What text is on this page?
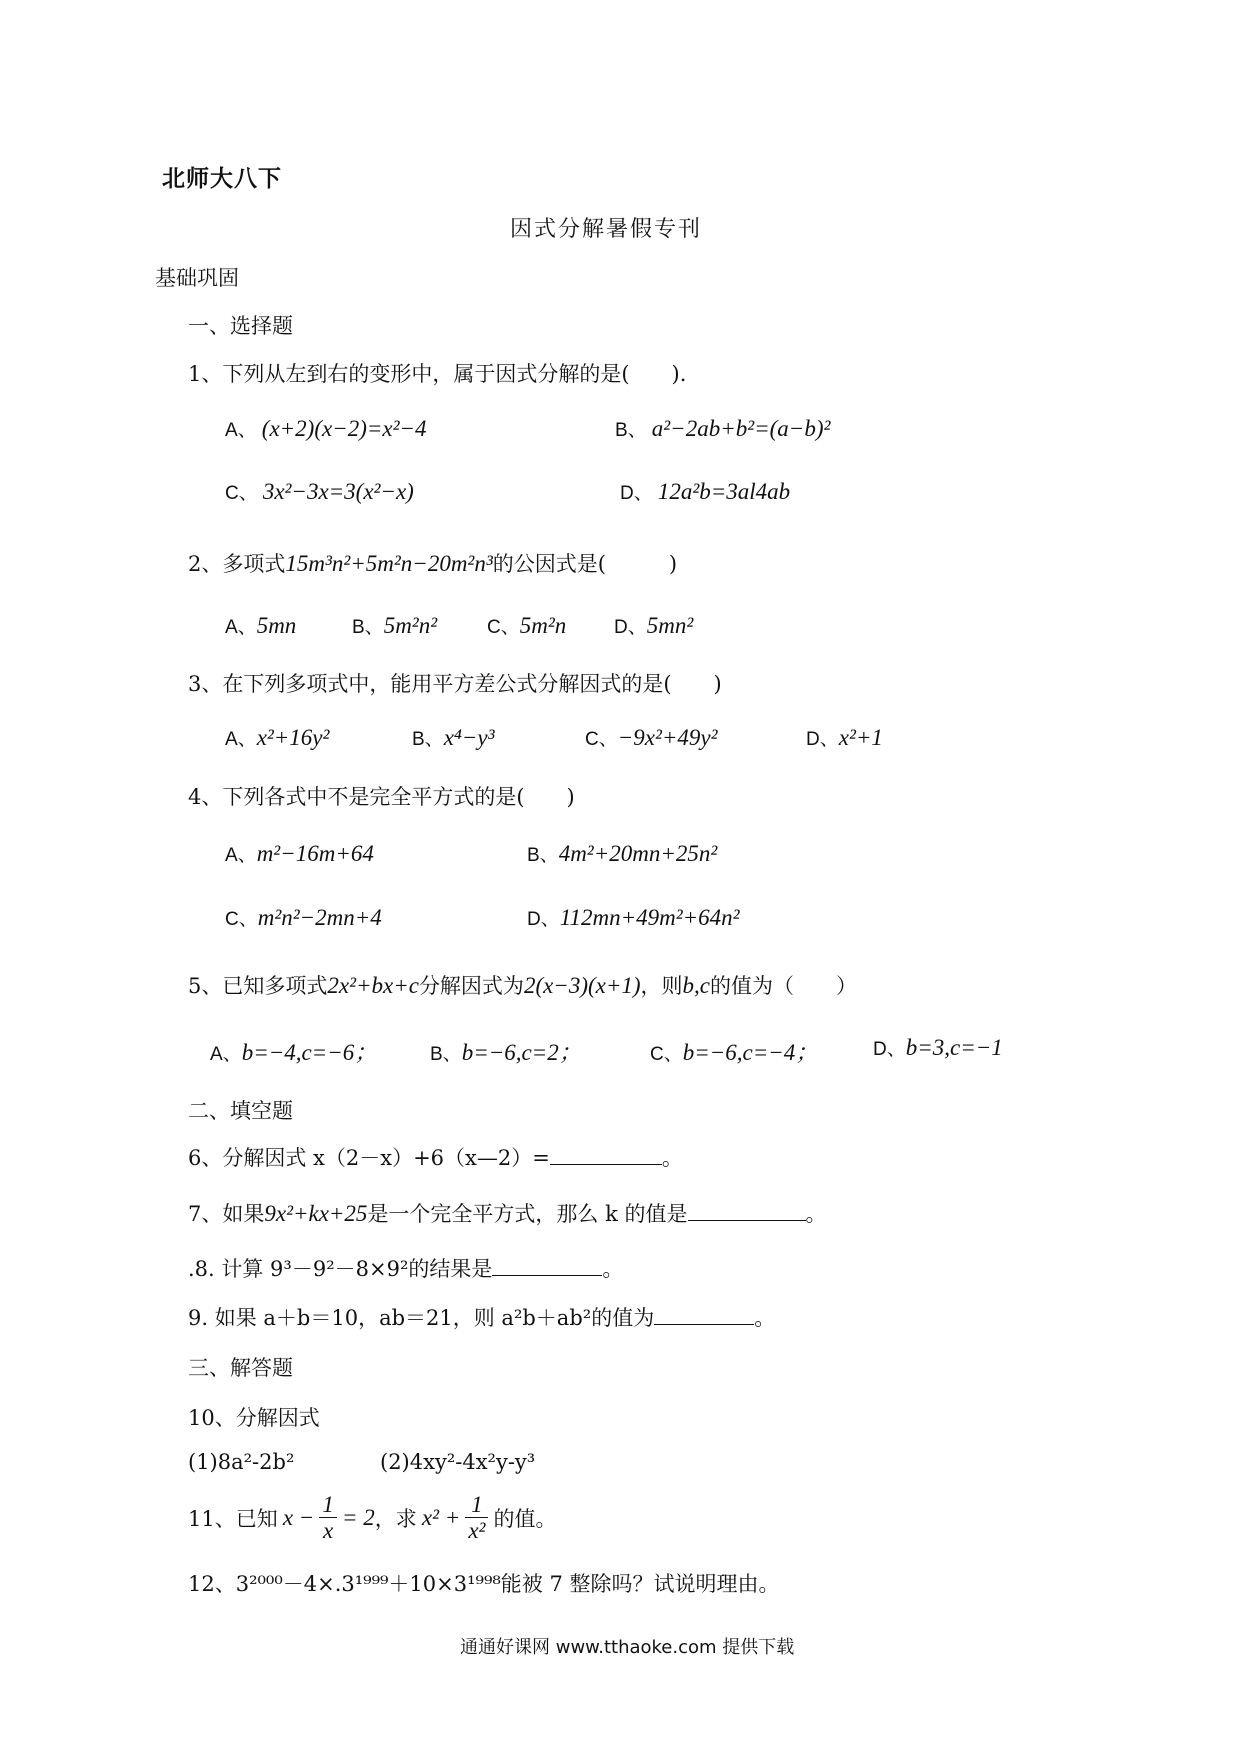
北师大八下
因式分解暑假专刊
基础巩固
一、选择题
1、下列从左到右的变形中，属于因式分解的是(　　).
A、 (x+2)(x−2)=x²−4	B、 a²−2ab+b²=(a−b)²
C、 3x²−3x=3(x²−x)	D、 12a²b=3al4ab
2、多项式15m³n²+5m²n−20m²n³的公因式是(　　　)
A、5mn	B、5m²n²	C、5m²n	D、5mn²
3、在下列多项式中，能用平方差公式分解因式的是(　　)
A、x²+16y²	B、x⁴−y³	C、−9x²+49y²	D、x²+1
4、下列各式中不是完全平方式的是(　　)
A、m²−16m+64	B、4m²+20mn+25n²
C、m²n²−2mn+4	D、112mn+49m²+64n²
5、已知多项式2x²+bx+c分解因式为2(x−3)(x+1)，则b,c的值为（　　）
A、b=−4,c=−6；	B、b=−6,c=2；	C、b=−6,c=−4；	D、b=3,c=−1
二、填空题
6、分解因式 x（2－x）+6（x—2）=	。
7、如果9x²+kx+25是一个完全平方式，那么 k 的值是	。
.8. 计算 9³－9²－8×9²的结果是	。
9. 如果 a＋b＝10，ab＝21，则 a²b＋ab²的值为	。
三、解答题
10、分解因式
(1)8a²-2b²	(2)4xy²-4x²y-y³
11、已知 $x - \frac{1}{x} = 2$，求 $x^2 + \frac{1}{\text{x²}}$ 的值。
12、3²⁰⁰⁰－4×.3¹⁹⁹⁹＋10×3¹⁹⁹⁸能被 7 整除吗？试说明理由。
通通好课网 www.tthaoke.com 提供下载
